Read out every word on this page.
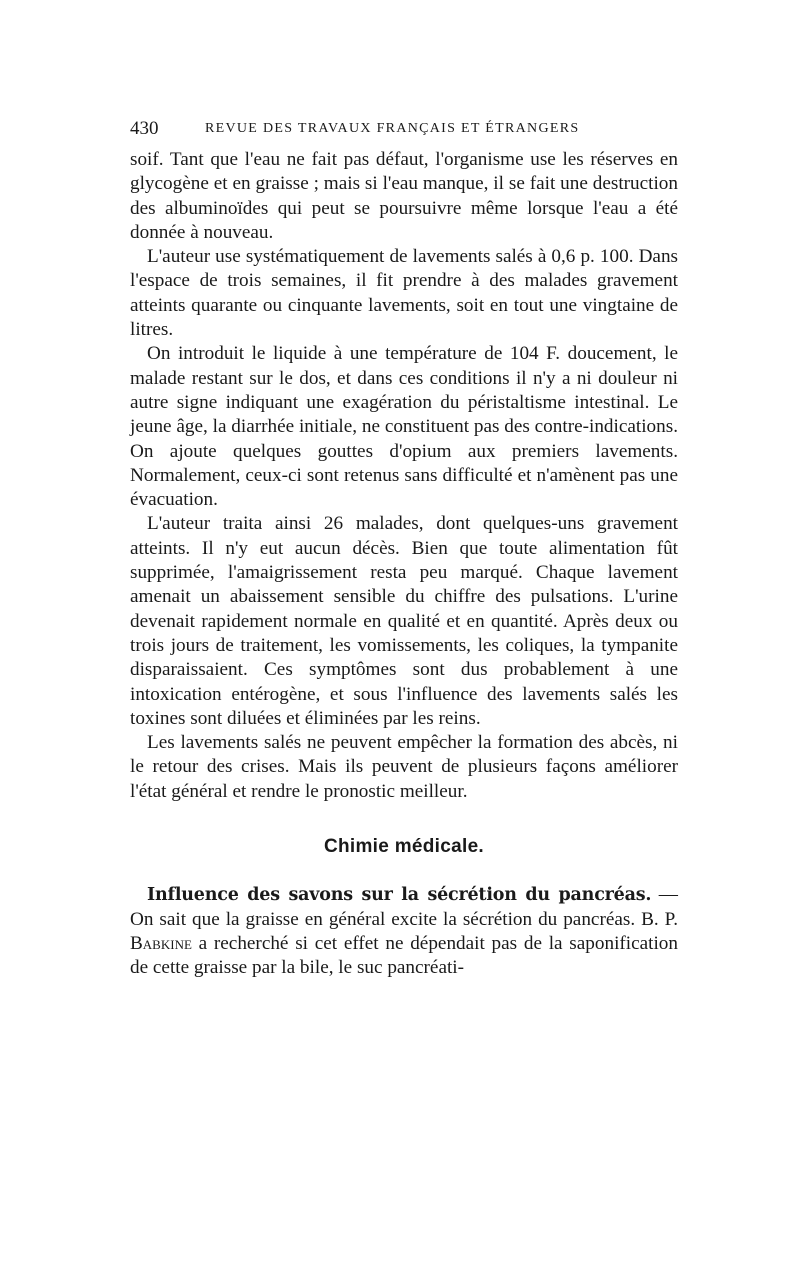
430	REVUE DES TRAVAUX FRANÇAIS ET ÉTRANGERS

soif. Tant que l'eau ne fait pas défaut, l'organisme use les réserves en glycogène et en graisse ; mais si l'eau manque, il se fait une destruction des albuminoïdes qui peut se poursuivre même lorsque l'eau a été donnée à nouveau.

L'auteur use systématiquement de lavements salés à 0,6 p. 100. Dans l'espace de trois semaines, il fit prendre à des malades gravement atteints quarante ou cinquante lavements, soit en tout une vingtaine de litres.

On introduit le liquide à une température de 104 F. doucement, le malade restant sur le dos, et dans ces conditions il n'y a ni douleur ni autre signe indiquant une exagération du péristaltisme intestinal. Le jeune âge, la diarrhée initiale, ne constituent pas des contre-indications. On ajoute quelques gouttes d'opium aux premiers lavements. Normalement, ceux-ci sont retenus sans difficulté et n'amènent pas une évacuation.

L'auteur traita ainsi 26 malades, dont quelques-uns gravement atteints. Il n'y eut aucun décès. Bien que toute alimentation fût supprimée, l'amaigrissement resta peu marqué. Chaque lavement amenait un abaissement sensible du chiffre des pulsations. L'urine devenait rapidement normale en qualité et en quantité. Après deux ou trois jours de traitement, les vomissements, les coliques, la tympanite disparaissaient. Ces symptômes sont dus probablement à une intoxication entérogène, et sous l'influence des lavements salés les toxines sont diluées et éliminées par les reins.

Les lavements salés ne peuvent empêcher la formation des abcès, ni le retour des crises. Mais ils peuvent de plusieurs façons améliorer l'état général et rendre le pronostic meilleur.

Chimie médicale.

Influence des savons sur la sécrétion du pancréas. — On sait que la graisse en général excite la sécrétion du pancréas. B. P. Babkine a recherché si cet effet ne dépendait pas de la saponification de cette graisse par la bile, le suc pancréati-
